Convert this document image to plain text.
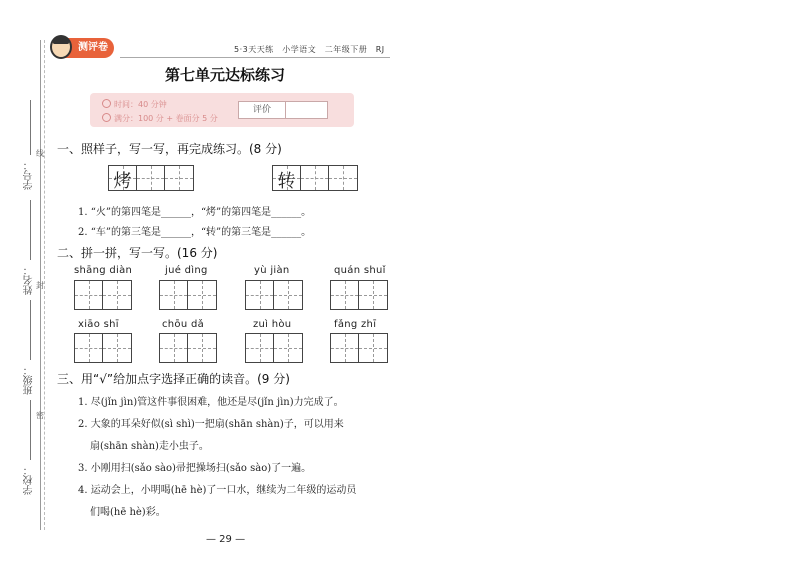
学号：
姓名：
班级：
学校：
线
封
密
测评卷	5·3天天练　小学语文　二年级下册　RJ
第七单元达标练习
时间：40 分钟
满分：100 分 + 卷面分 5 分
评价
一、照样子，写一写，再完成练习。(8 分)
烤	转
1. “火”的第四笔是______，“烤”的第四笔是______。
2. “车”的第三笔是______，“转”的第三笔是______。
二、拼一拼，写一写。(16 分)
shāng diàn	jué dìng	yù jiàn	quán shuǐ
xiāo shī	chōu dǎ	zuì hòu	fǎng zhī
三、用“√”给加点字选择正确的读音。(9 分)
1. 尽(jǐn jìn)管这件事很困难，他还是尽(jǐn jìn)力完成了。
2. 大象的耳朵好似(sì shì)一把扇(shān shàn)子，可以用来
扇(shān shàn)走小虫子。
3. 小刚用扫(sǎo sào)帚把操场扫(sǎo sào)了一遍。
4. 运动会上，小明喝(hē hè)了一口水，继续为二年级的运动员
们喝(hē hè)彩。
— 29 —
